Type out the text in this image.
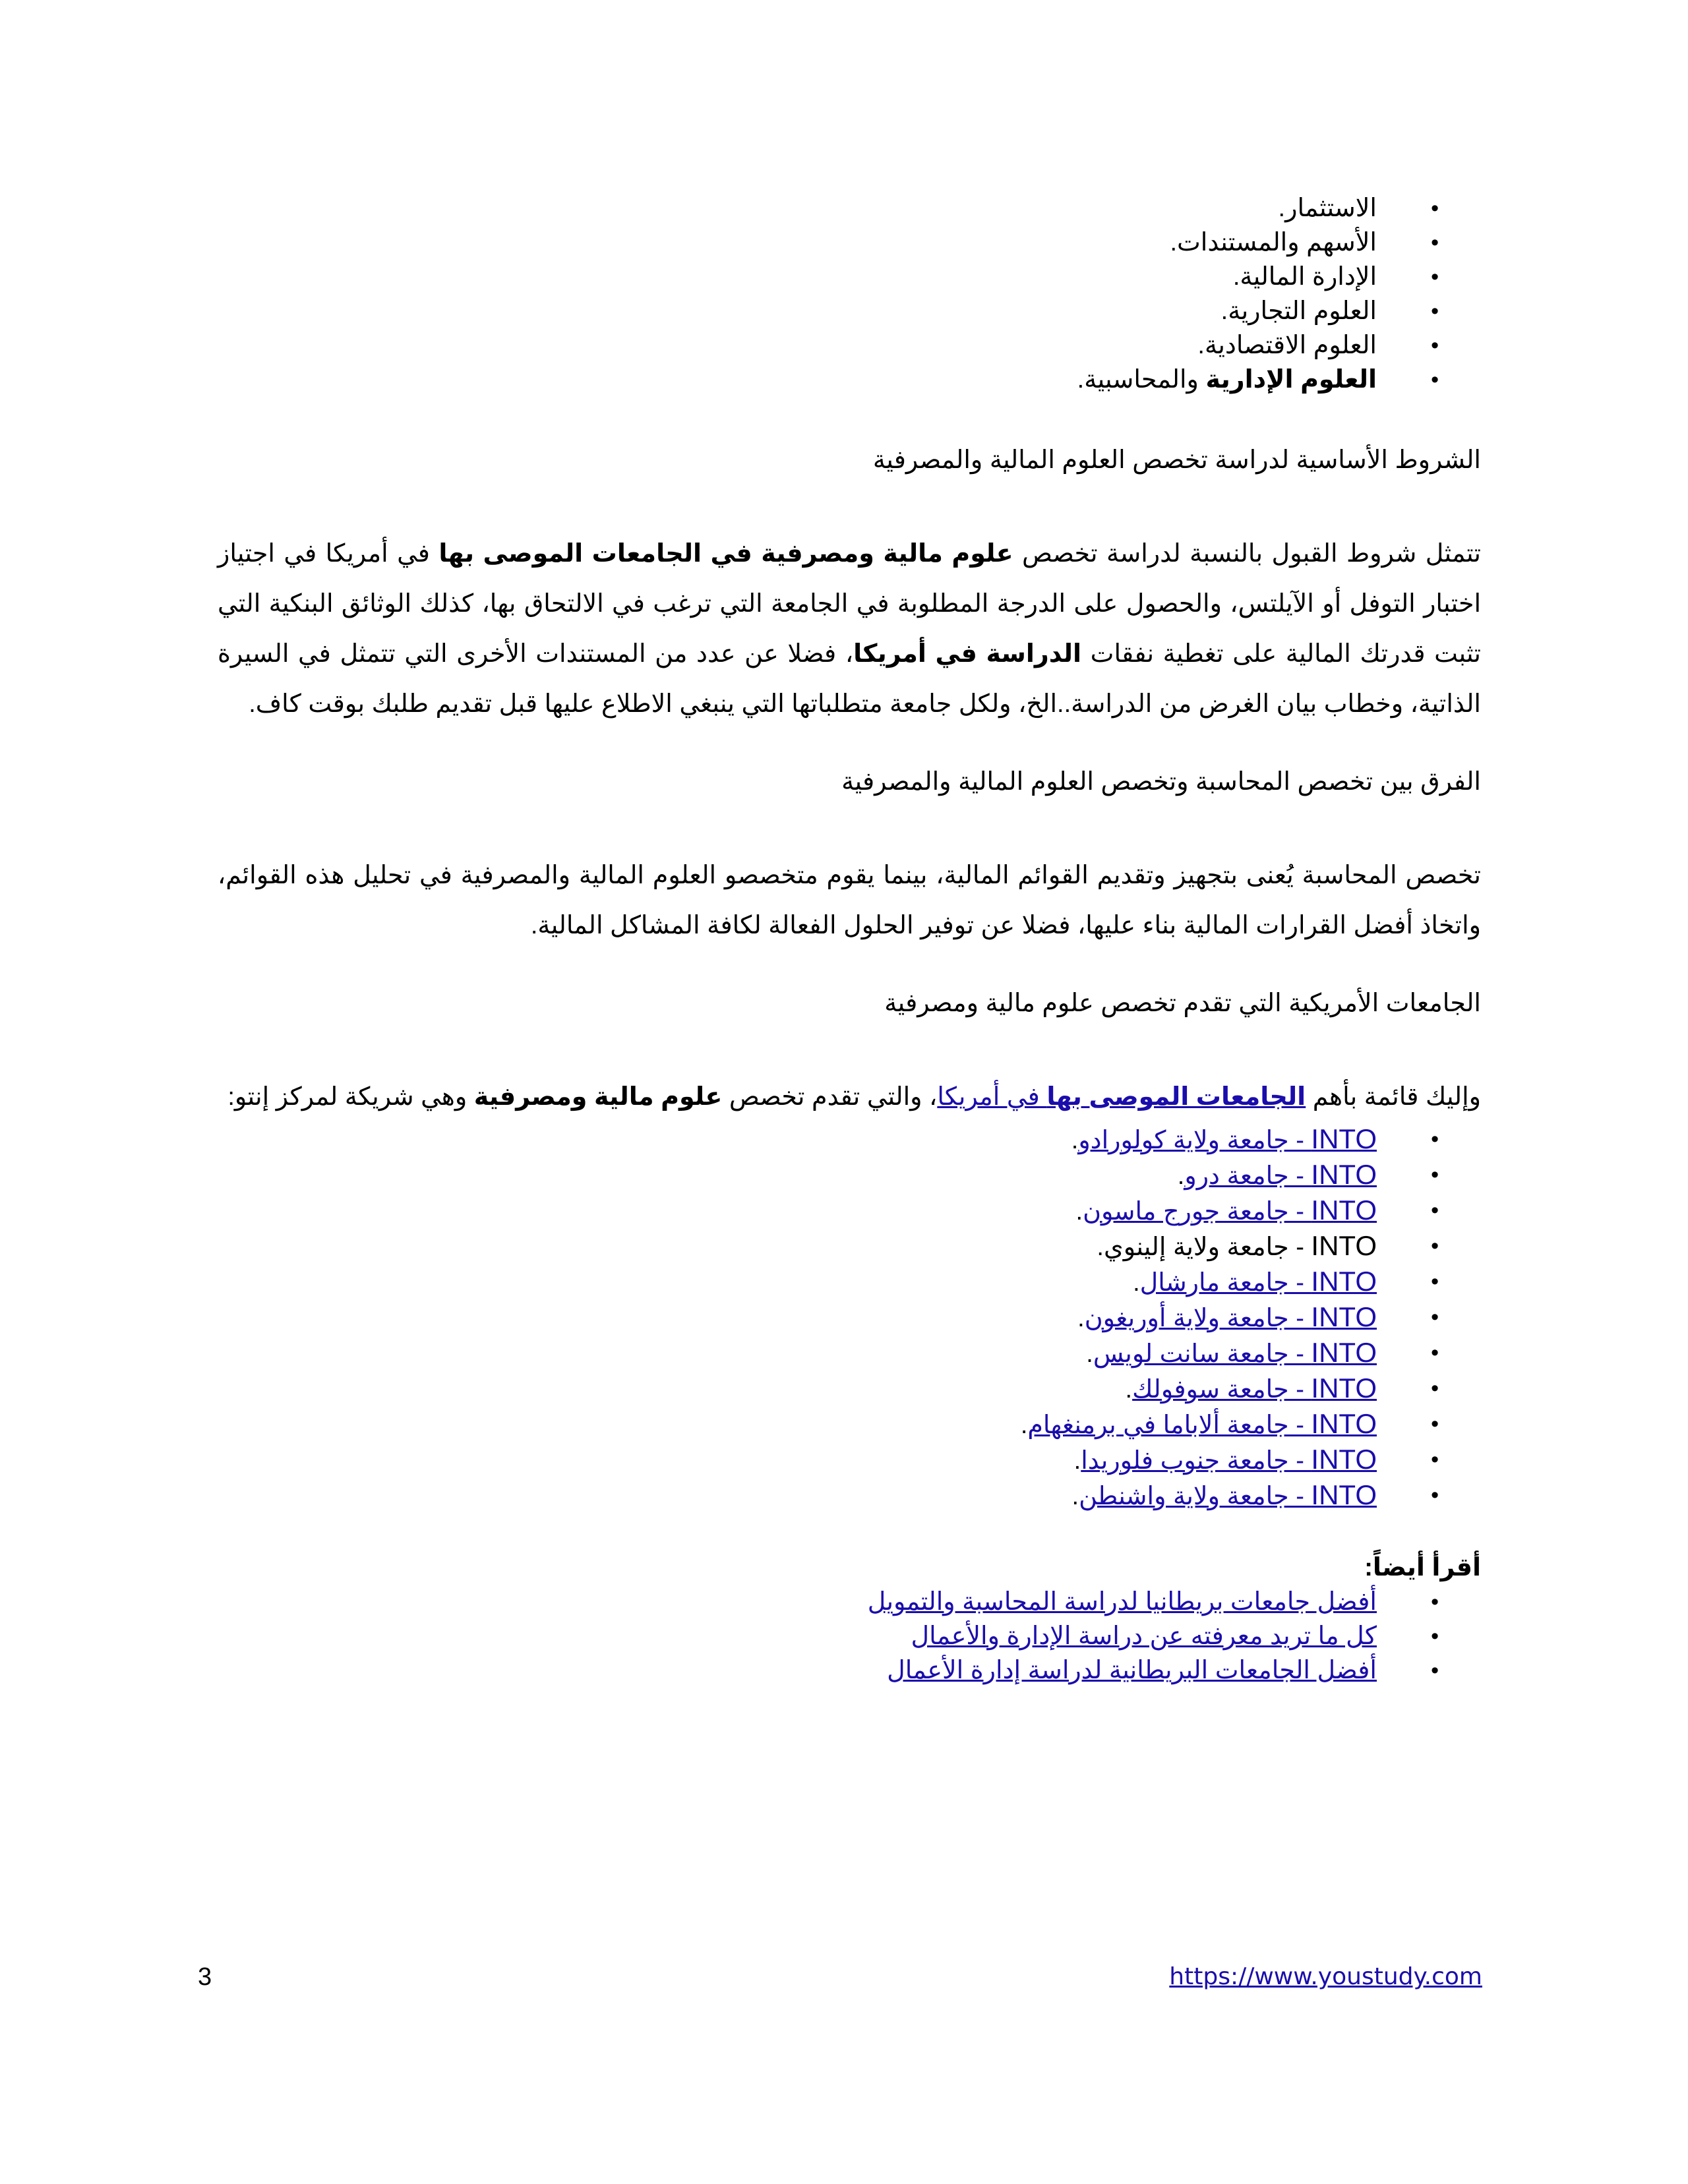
• الاستثمار.
• الأسهم والمستندات.
• الإدارة المالية.
• العلوم التجارية.
• العلوم الاقتصادية.
• العلوم الإدارية والمحاسبية.

الشروط الأساسية لدراسة تخصص العلوم المالية والمصرفية

تتمثل شروط القبول بالنسبة لدراسة تخصص علوم مالية ومصرفية في الجامعات الموصى بها في أمريكا في اجتياز اختبار التوفل أو الآيلتس، والحصول على الدرجة المطلوبة في الجامعة التي ترغب في الالتحاق بها، كذلك الوثائق البنكية التي تثبت قدرتك المالية على تغطية نفقات الدراسة في أمريكا، فضلا عن عدد من المستندات الأخرى التي تتمثل في السيرة الذاتية، وخطاب بيان الغرض من الدراسة..الخ، ولكل جامعة متطلباتها التي ينبغي الاطلاع عليها قبل تقديم طلبك بوقت كاف.

الفرق بين تخصص المحاسبة وتخصص العلوم المالية والمصرفية

تخصص المحاسبة يُعنى بتجهيز وتقديم القوائم المالية، بينما يقوم متخصصو العلوم المالية والمصرفية في تحليل هذه القوائم، واتخاذ أفضل القرارات المالية بناء عليها، فضلا عن توفير الحلول الفعالة لكافة المشاكل المالية.

الجامعات الأمريكية التي تقدم تخصص علوم مالية ومصرفية

وإليك قائمة بأهم الجامعات الموصى بها في أمريكا، والتي تقدم تخصص علوم مالية ومصرفية وهي شريكة لمركز إنتو:

• INTO - جامعة ولاية كولورادو.
• INTO - جامعة درو.
• INTO - جامعة جورج ماسون.
• INTO - جامعة ولاية إلينوي.
• INTO - جامعة مارشال.
• INTO - جامعة ولاية أوريغون.
• INTO - جامعة سانت لويس.
• INTO - جامعة سوفولك.
• INTO - جامعة ألاباما في برمنغهام.
• INTO - جامعة جنوب فلوريدا.
• INTO - جامعة ولاية واشنطن.

أقرأ أيضاً:

• أفضل جامعات بريطانيا لدراسة المحاسبة والتمويل
• كل ما تريد معرفته عن دراسة الإدارة والأعمال
• أفضل الجامعات البريطانية لدراسة إدارة الأعمال
3	https://www.youstudy.com
